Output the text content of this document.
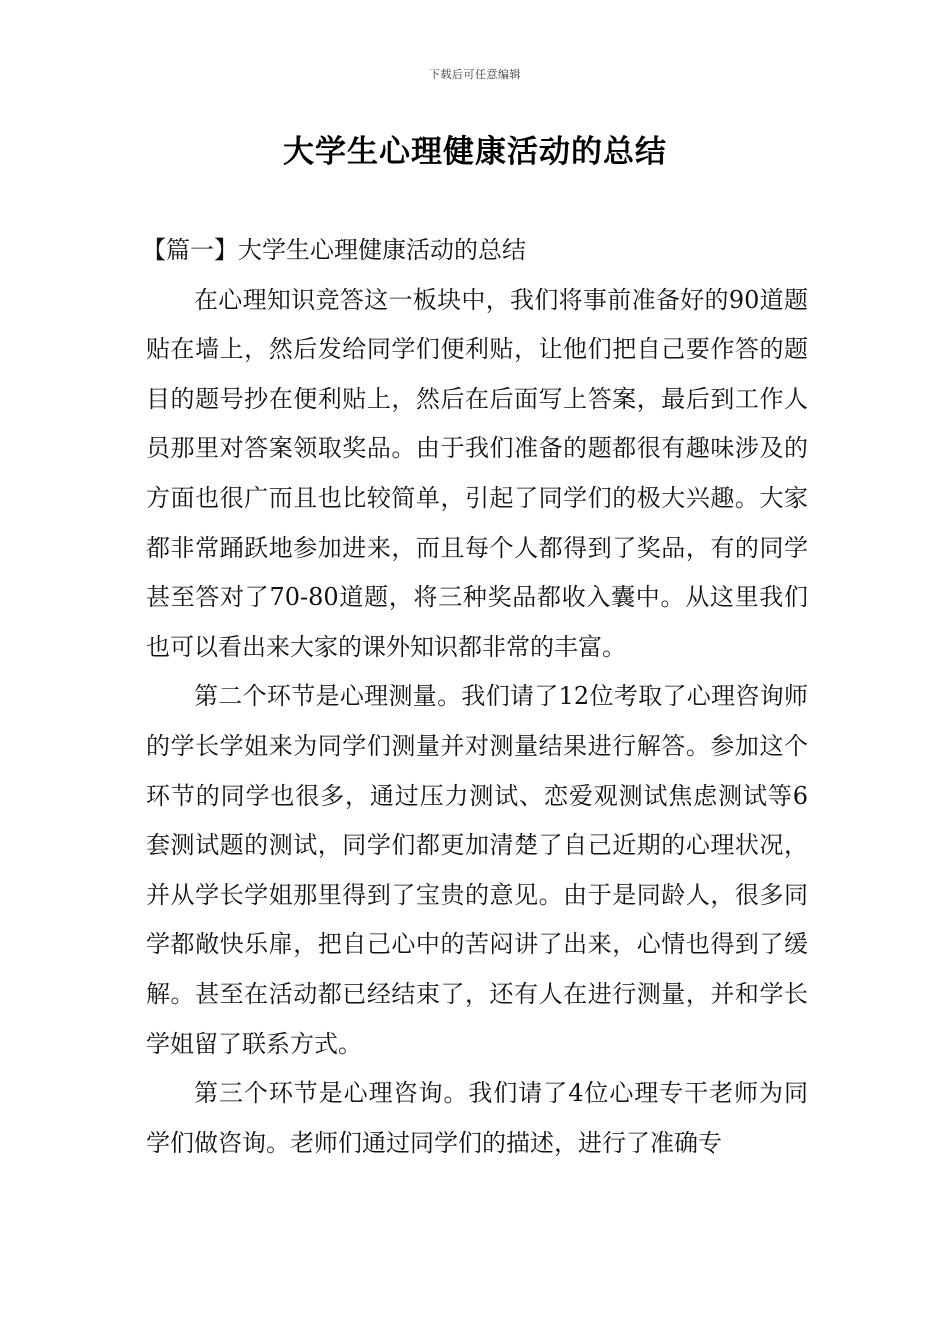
下载后可任意编辑
大学生心理健康活动的总结

【篇一】大学生心理健康活动的总结

在心理知识竞答这一板块中，我们将事前准备好的90道题贴在墙上，然后发给同学们便利贴，让他们把自己要作答的题目的题号抄在便利贴上，然后在后面写上答案，最后到工作人员那里对答案领取奖品。由于我们准备的题都很有趣味涉及的方面也很广而且也比较简单，引起了同学们的极大兴趣。大家都非常踊跃地参加进来，而且每个人都得到了奖品，有的同学甚至答对了70-80道题，将三种奖品都收入囊中。从这里我们也可以看出来大家的课外知识都非常的丰富。

第二个环节是心理测量。我们请了12位考取了心理咨询师的学长学姐来为同学们测量并对测量结果进行解答。参加这个环节的同学也很多，通过压力测试、恋爱观测试焦虑测试等6套测试题的测试，同学们都更加清楚了自己近期的心理状况，并从学长学姐那里得到了宝贵的意见。由于是同龄人，很多同学都敞快乐扉，把自己心中的苦闷讲了出来，心情也得到了缓解。甚至在活动都已经结束了，还有人在进行测量，并和学长学姐留了联系方式。

第三个环节是心理咨询。我们请了4位心理专干老师为同学们做咨询。老师们通过同学们的描述，进行了准确专
